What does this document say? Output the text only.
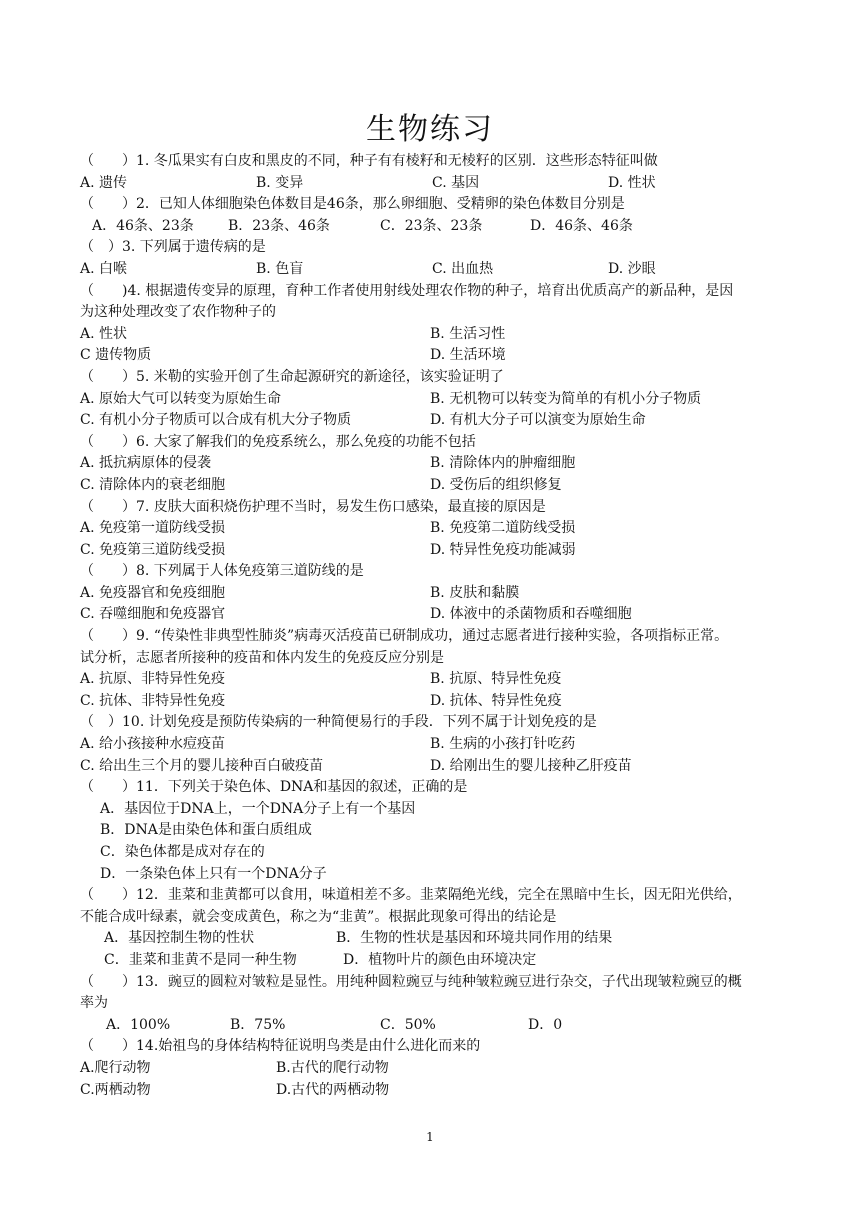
生物练习
（　　）1. 冬瓜果实有白皮和黑皮的不同，种子有有棱籽和无棱籽的区别．这些形态特征叫做
A. 遗传	B. 变异	C. 基因	D. 性状
（　　）2．已知人体细胞染色体数目是46条，那么卵细胞、受精卵的染色体数目分别是
A．46条、23条 B．23条、46条	C．23条、23条	D．46条、46条
（　）3. 下列属于遗传病的是
A. 白喉	B. 色盲	C. 出血热	D. 沙眼
（　　)4. 根据遗传变异的原理，育种工作者使用射线处理农作物的种子，培育出优质高产的新品种，是因
为这种处理改变了农作物种子的
A. 性状	B. 生活习性
C 遗传物质	D. 生活环境
（　　）5. 米勒的实验开创了生命起源研究的新途径，该实验证明了
A. 原始大气可以转变为原始生命	B. 无机物可以转变为简单的有机小分子物质
C. 有机小分子物质可以合成有机大分子物质	D. 有机大分子可以演变为原始生命
（　　）6. 大家了解我们的免疫系统么，那么免疫的功能不包括
A. 抵抗病原体的侵袭	B. 清除体内的肿瘤细胞
C. 清除体内的衰老细胞	D. 受伤后的组织修复
（　　）7. 皮肤大面积烧伤护理不当时，易发生伤口感染，最直接的原因是
A. 免疫第一道防线受损	B. 免疫第二道防线受损
C. 免疫第三道防线受损	D. 特异性免疫功能减弱
（　　）8. 下列属于人体免疫第三道防线的是
A. 免疫器官和免疫细胞	B. 皮肤和黏膜
C. 吞噬细胞和免疫器官	D. 体液中的杀菌物质和吞噬细胞
（　　）9. “传染性非典型性肺炎”病毒灭活疫苗已研制成功，通过志愿者进行接种实验，各项指标正常。
试分析，志愿者所接种的疫苗和体内发生的免疫反应分别是
A. 抗原、非特异性免疫	B. 抗原、特异性免疫
C. 抗体、非特异性免疫	D. 抗体、特异性免疫
（　）10. 计划免疫是预防传染病的一种简便易行的手段．下列不属于计划免疫的是
A. 给小孩接种水痘疫苗	B. 生病的小孩打针吃药
C. 给出生三个月的婴儿接种百白破疫苗	D. 给刚出生的婴儿接种乙肝疫苗
（　　）11．下列关于染色体、DNA和基因的叙述，正确的是
A．基因位于DNA上，一个DNA分子上有一个基因
B．DNA是由染色体和蛋白质组成
C．染色体都是成对存在的
D．一条染色体上只有一个DNA分子
（　　）12．韭菜和韭黄都可以食用，味道相差不多。韭菜隔绝光线，完全在黑暗中生长，因无阳光供给，
不能合成叶绿素，就会变成黄色，称之为“韭黄”。根据此现象可得出的结论是
A．基因控制生物的性状	B．生物的性状是基因和环境共同作用的结果
C．韭菜和韭黄不是同一种生物	D．植物叶片的颜色由环境决定
（　　）13．豌豆的圆粒对皱粒是显性。用纯种圆粒豌豆与纯种皱粒豌豆进行杂交，子代出现皱粒豌豆的概
率为
A．100%	B．75%	C．50%	D．0
（　　）14.始祖鸟的身体结构特征说明鸟类是由什么进化而来的
A.爬行动物	B.古代的爬行动物
C.两栖动物	D.古代的两栖动物
1
